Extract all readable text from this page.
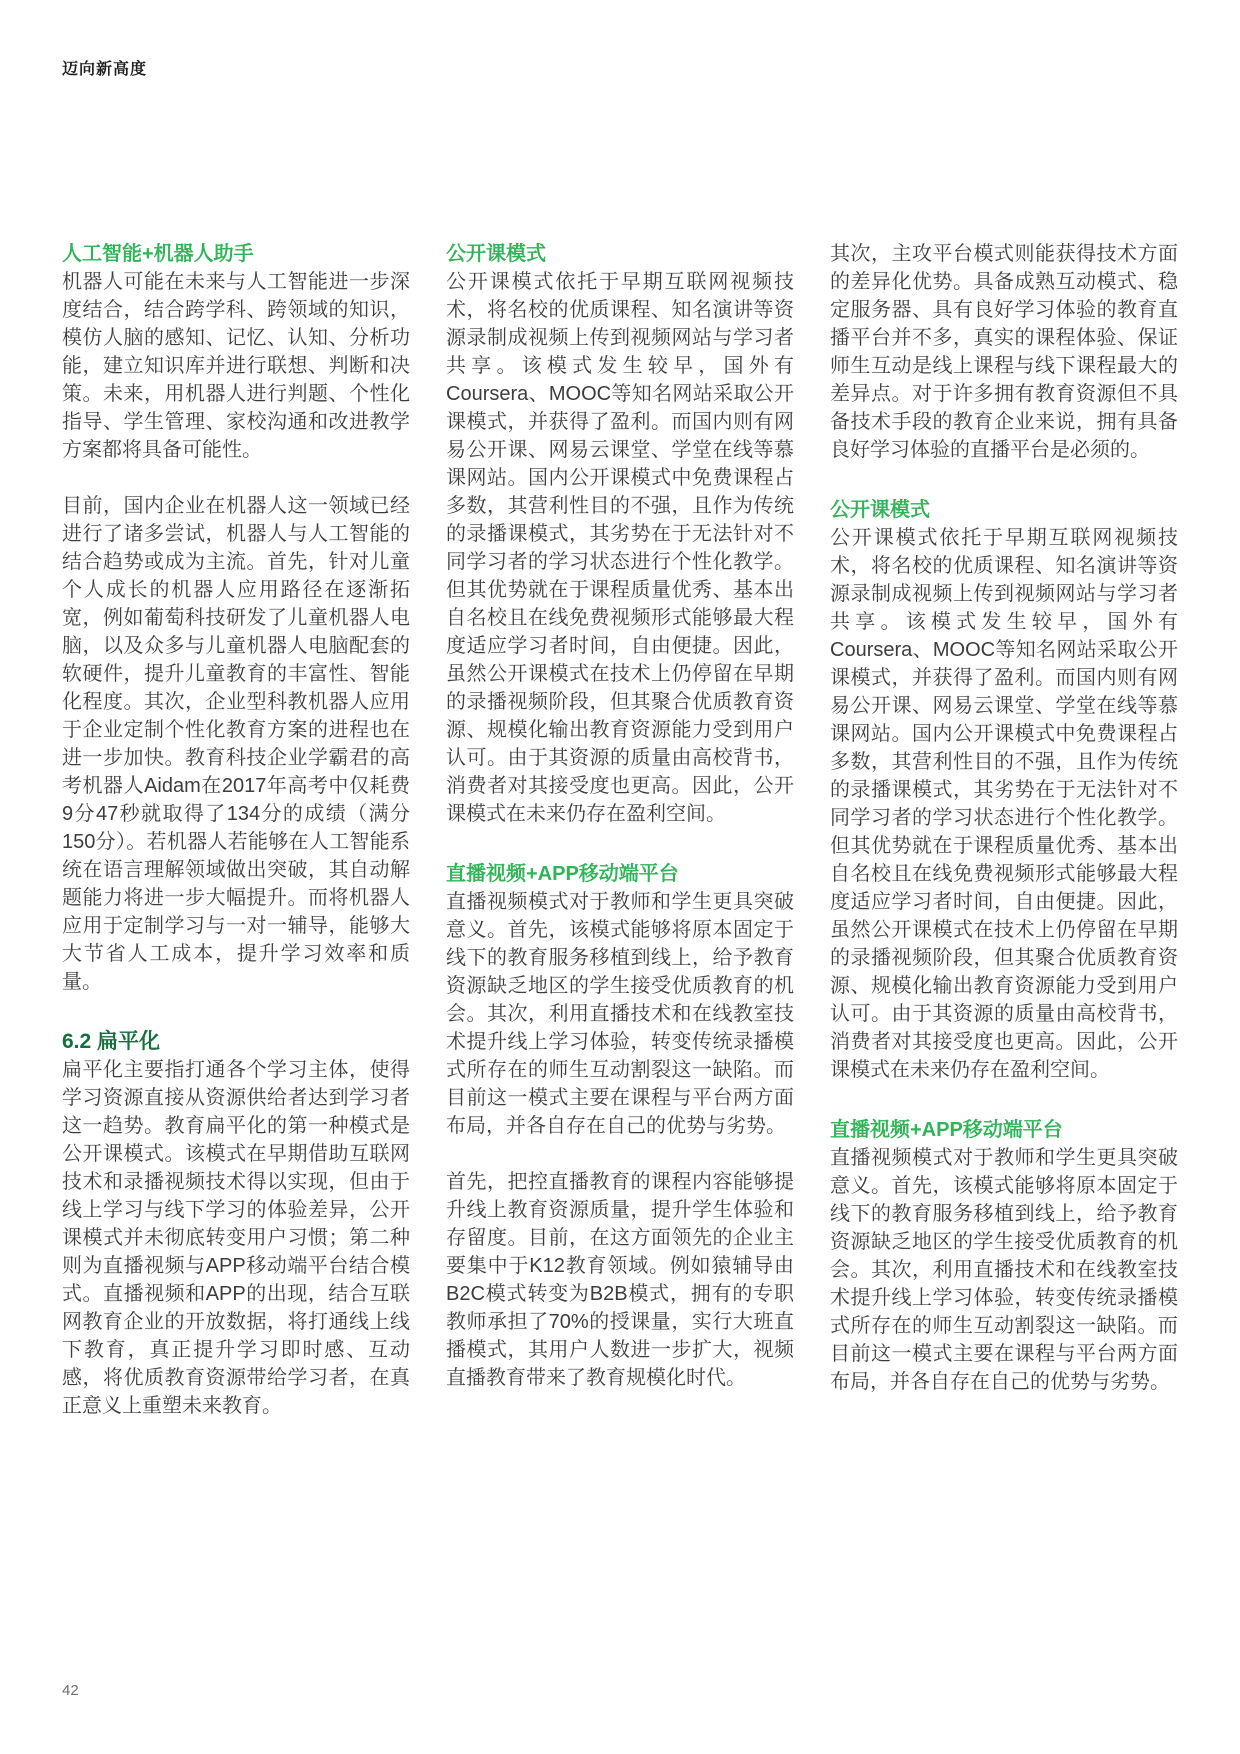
迈向新高度
人工智能+机器人助手

机器人可能在未来与人工智能进一步深度结合，结合跨学科、跨领域的知识，模仿人脑的感知、记忆、认知、分析功能，建立知识库并进行联想、判断和决策。未来，用机器人进行判题、个性化指导、学生管理、家校沟通和改进教学方案都将具备可能性。

目前，国内企业在机器人这一领域已经进行了诸多尝试，机器人与人工智能的结合趋势或成为主流。首先，针对儿童个人成长的机器人应用路径在逐渐拓宽，例如葡萄科技研发了儿童机器人电脑，以及众多与儿童机器人电脑配套的软硬件，提升儿童教育的丰富性、智能化程度。其次，企业型科教机器人应用于企业定制个性化教育方案的进程也在进一步加快。教育科技企业学霸君的高考机器人Aidam在2017年高考中仅耗费9分47秒就取得了134分的成绩（满分150分）。若机器人若能够在人工智能系统在语言理解领域做出突破，其自动解题能力将进一步大幅提升。而将机器人应用于定制学习与一对一辅导，能够大大节省人工成本，提升学习效率和质量。

6.2 扁平化

扁平化主要指打通各个学习主体，使得学习资源直接从资源供给者达到学习者这一趋势。教育扁平化的第一种模式是公开课模式。该模式在早期借助互联网技术和录播视频技术得以实现，但由于线上学习与线下学习的体验差异，公开课模式并未彻底转变用户习惯；第二种则为直播视频与APP移动端平台结合模式。直播视频和APP的出现，结合互联网教育企业的开放数据，将打通线上线下教育，真正提升学习即时感、互动感，将优质教育资源带给学习者，在真正意义上重塑未来教育。

公开课模式

公开课模式依托于早期互联网视频技术，将名校的优质课程、知名演讲等资源录制成视频上传到视频网站与学习者共享。该模式发生较早，国外有Coursera、MOOC等知名网站采取公开课模式，并获得了盈利。而国内则有网易公开课、网易云课堂、学堂在线等慕课网站。国内公开课模式中免费课程占多数，其营利性目的不强，且作为传统的录播课模式，其劣势在于无法针对不同学习者的学习状态进行个性化教学。但其优势就在于课程质量优秀、基本出自名校且在线免费视频形式能够最大程度适应学习者时间，自由便捷。因此，虽然公开课模式在技术上仍停留在早期的录播视频阶段，但其聚合优质教育资源、规模化输出教育资源能力受到用户认可。由于其资源的质量由高校背书，消费者对其接受度也更高。因此，公开课模式在未来仍存在盈利空间。

直播视频+APP移动端平台

直播视频模式对于教师和学生更具突破意义。首先，该模式能够将原本固定于线下的教育服务移植到线上，给予教育资源缺乏地区的学生接受优质教育的机会。其次，利用直播技术和在线教室技术提升线上学习体验，转变传统录播模式所存在的师生互动割裂这一缺陷。而目前这一模式主要在课程与平台两方面布局，并各自存在自己的优势与劣势。

首先，把控直播教育的课程内容能够提升线上教育资源质量，提升学生体验和存留度。目前，在这方面领先的企业主要集中于K12教育领域。例如猿辅导由B2C模式转变为B2B模式，拥有的专职教师承担了70%的授课量，实行大班直播模式，其用户人数进一步扩大，视频直播教育带来了教育规模化时代。

其次，主攻平台模式则能获得技术方面的差异化优势。具备成熟互动模式、稳定服务器、具有良好学习体验的教育直播平台并不多，真实的课程体验、保证师生互动是线上课程与线下课程最大的差异点。对于许多拥有教育资源但不具备技术手段的教育企业来说，拥有具备良好学习体验的直播平台是必须的。

公开课模式

公开课模式依托于早期互联网视频技术，将名校的优质课程、知名演讲等资源录制成视频上传到视频网站与学习者共享。该模式发生较早，国外有Coursera、MOOC等知名网站采取公开课模式，并获得了盈利。而国内则有网易公开课、网易云课堂、学堂在线等慕课网站。国内公开课模式中免费课程占多数，其营利性目的不强，且作为传统的录播课模式，其劣势在于无法针对不同学习者的学习状态进行个性化教学。但其优势就在于课程质量优秀、基本出自名校且在线免费视频形式能够最大程度适应学习者时间，自由便捷。因此，虽然公开课模式在技术上仍停留在早期的录播视频阶段，但其聚合优质教育资源、规模化输出教育资源能力受到用户认可。由于其资源的质量由高校背书，消费者对其接受度也更高。因此，公开课模式在未来仍存在盈利空间。

直播视频+APP移动端平台

直播视频模式对于教师和学生更具突破意义。首先，该模式能够将原本固定于线下的教育服务移植到线上，给予教育资源缺乏地区的学生接受优质教育的机会。其次，利用直播技术和在线教室技术提升线上学习体验，转变传统录播模式所存在的师生互动割裂这一缺陷。而目前这一模式主要在课程与平台两方面布局，并各自存在自己的优势与劣势。

42
